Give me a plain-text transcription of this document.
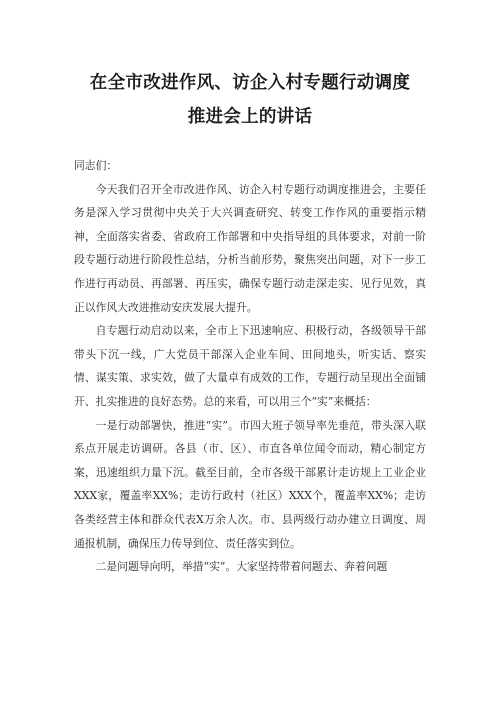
在全市改进作风、访企入村专题行动调度
推进会上的讲话

同志们：

今天我们召开全市改进作风、访企入村专题行动调度推进会，主要任务是深入学习贯彻中央关于大兴调查研究、转变工作作风的重要指示精神，全面落实省委、省政府工作部署和中央指导组的具体要求，对前一阶段专题行动进行阶段性总结，分析当前形势，聚焦突出问题，对下一步工作进行再动员、再部署、再压实，确保专题行动走深走实、见行见效，真正以作风大改进推动安庆发展大提升。

自专题行动启动以来，全市上下迅速响应、积极行动，各级领导干部带头下沉一线，广大党员干部深入企业车间、田间地头，听实话、察实情、谋实策、求实效，做了大量卓有成效的工作，专题行动呈现出全面铺开、扎实推进的良好态势。总的来看，可以用三个“实”来概括：

一是行动部署快，推进“实”。市四大班子领导率先垂范，带头深入联系点开展走访调研。各县（市、区）、市直各单位闻令而动，精心制定方案，迅速组织力量下沉。截至目前，全市各级干部累计走访规上工业企业XXX家，覆盖率XX%；走访行政村（社区）XXX个，覆盖率XX%；走访各类经营主体和群众代表X万余人次。市、县两级行动办建立日调度、周通报机制，确保压力传导到位、责任落实到位。

二是问题导向明，举措“实”。大家坚持带着问题去、奔着问题
